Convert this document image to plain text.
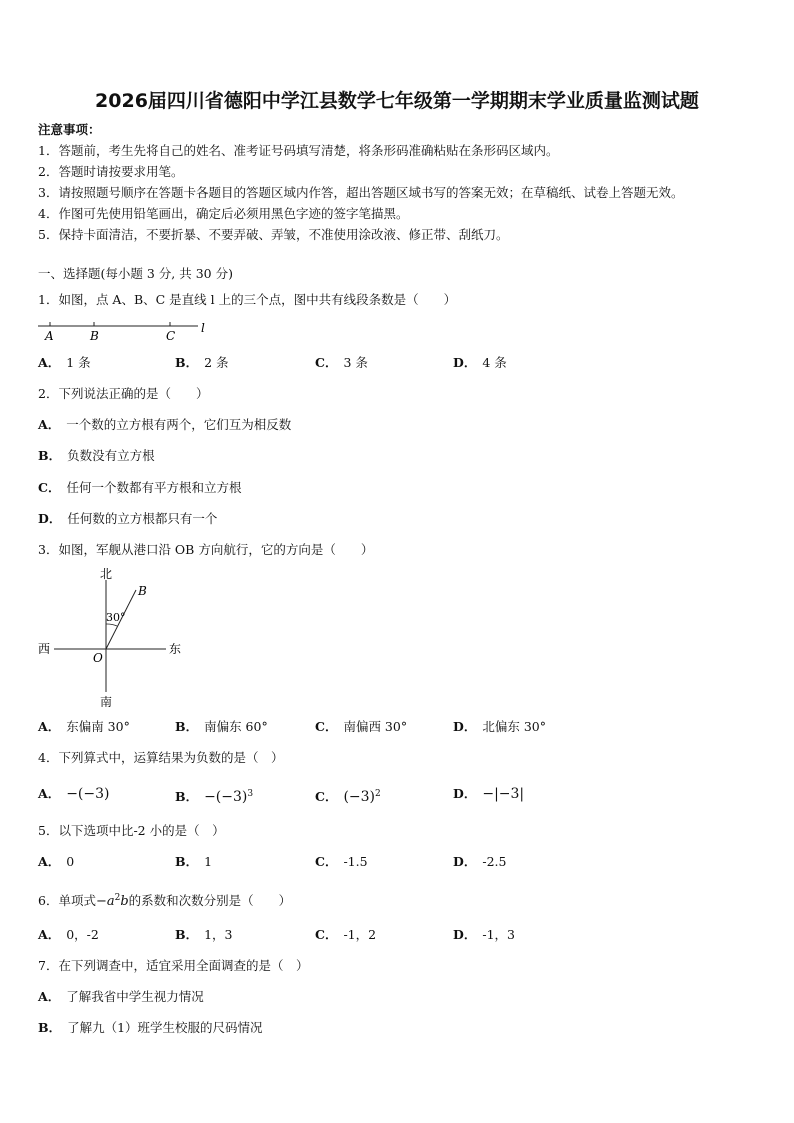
2026届四川省德阳中学江县数学七年级第一学期期末学业质量监测试题
注意事项：
1．答题前，考生先将自己的姓名、准考证号码填写清楚，将条形码准确粘贴在条形码区域内。
2．答题时请按要求用笔。
3．请按照题号顺序在答题卡各题目的答题区域内作答，超出答题区域书写的答案无效；在草稿纸、试卷上答题无效。
4．作图可先使用铅笔画出，确定后必须用黑色字迹的签字笔描黑。
5．保持卡面清洁，不要折暴、不要弄破、弄皱，不准使用涂改液、修正带、刮纸刀。
一、选择题(每小题 3 分, 共 30 分)
1．如图，点 A、B、C 是直线 l 上的三个点，图中共有线段条数是（　　）
A	B	C
l
A． 1 条	B． 2 条	C． 3 条	D． 4 条
2．下列说法正确的是（　　）
A． 一个数的立方根有两个，它们互为相反数
B． 负数没有立方根
C． 任何一个数都有平方根和立方根
D． 任何数的立方根都只有一个
3．如图，军舰从港口沿 OB 方向航行，它的方向是（　　）
北
南
西	东
O
B
30°
A． 东偏南 30°	B． 南偏东 60°	C． 南偏西 30°	D． 北偏东 30°
4．下列算式中，运算结果为负数的是（　）
A． −(−3)	B． $-(-3)^3$	C． $(-3)^2$	D． −|−3|
5．以下选项中比-2 小的是（　）
A． 0	B． 1	C． -1.5	D． -2.5
6．单项式$-a^2b$的系数和次数分别是（　　）
A． 0，-2	B． 1，3	C． -1，2	D． -1，3
7．在下列调查中，适宜采用全面调查的是（　）
A． 了解我省中学生视力情况
B． 了解九（1）班学生校服的尺码情况
